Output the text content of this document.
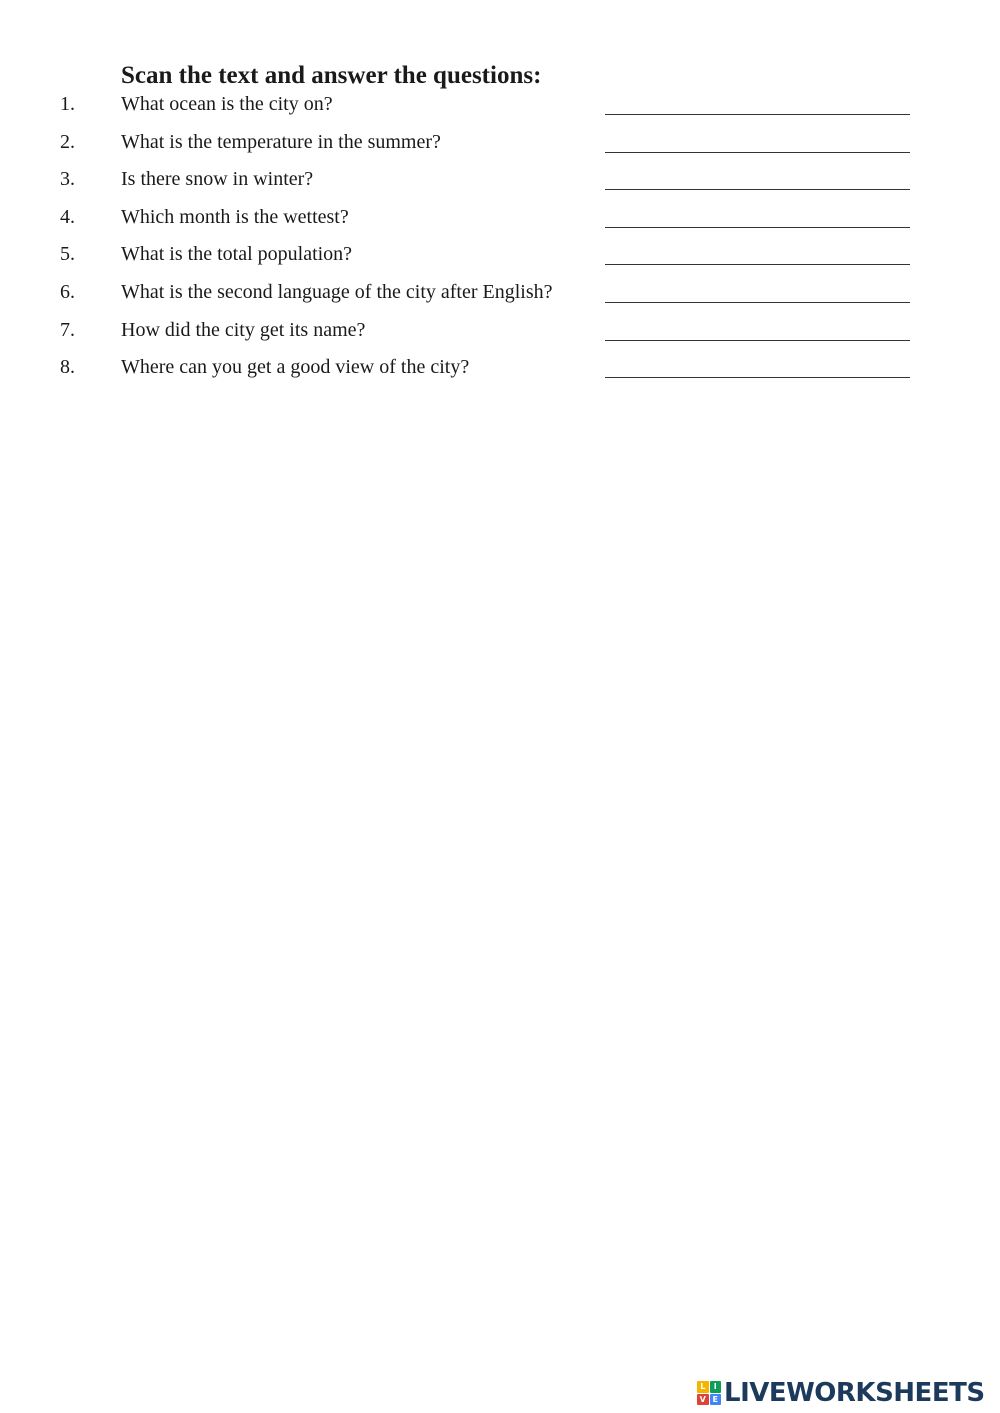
Scan the text and answer the questions:
1. What ocean is the city on?
2. What is the temperature in the summer?
3. Is there snow in winter?
4. Which month is the wettest?
5. What is the total population?
6. What is the second language of the city after English?
7. How did the city get its name?
8. Where can you get a good view of the city?
L	I
V E LIVEWORKSHEETS
